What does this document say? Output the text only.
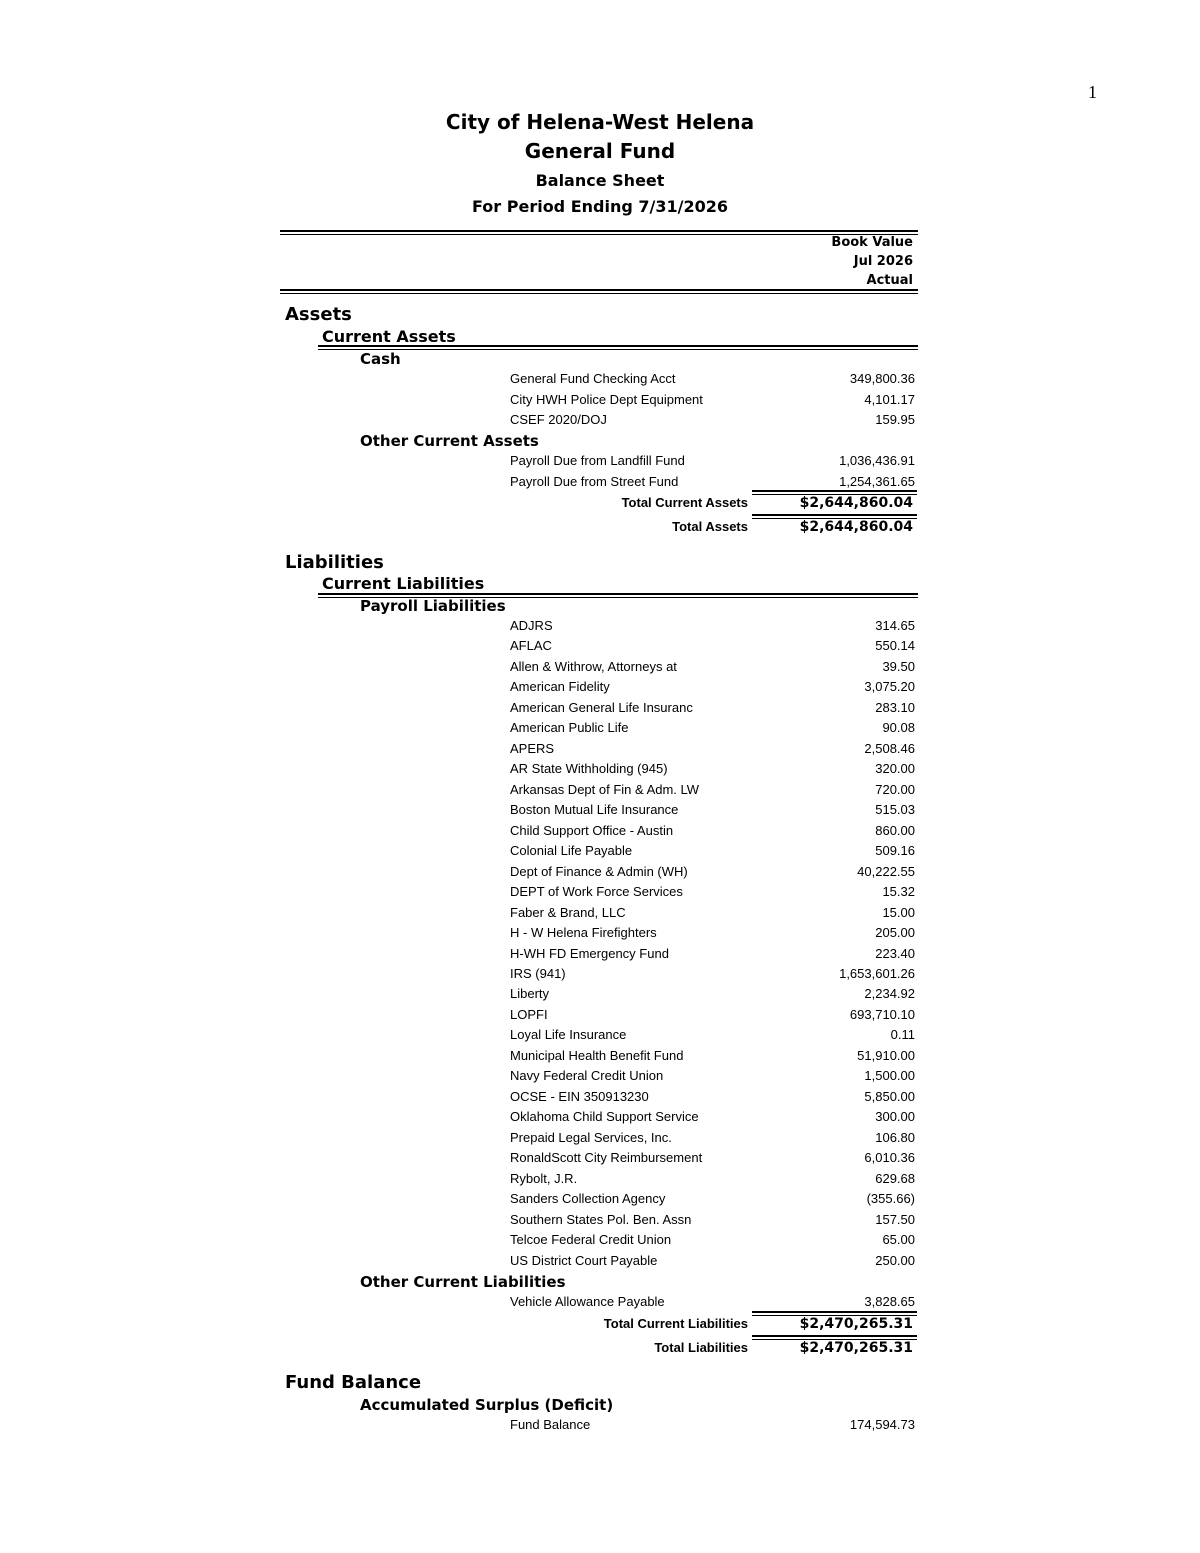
1
City of Helena-West Helena
General Fund
Balance Sheet
For Period Ending 7/31/2026
Book Value
Jul 2026
Actual
Assets
Current Assets
Cash
General Fund Checking Acct	349,800.36
City HWH Police Dept Equipment	4,101.17
CSEF 2020/DOJ	159.95
Other Current Assets
Payroll Due from Landfill Fund	1,036,436.91
Payroll Due from Street Fund	1,254,361.65
Total Current Assets	$2,644,860.04
Total Assets	$2,644,860.04
Liabilities
Current Liabilities
Payroll Liabilities
ADJRS	314.65
AFLAC	550.14
Allen & Withrow, Attorneys at	39.50
American Fidelity	3,075.20
American General Life Insuranc	283.10
American Public Life	90.08
APERS	2,508.46
AR State Withholding (945)	320.00
Arkansas Dept of Fin & Adm. LW	720.00
Boston Mutual Life Insurance	515.03
Child Support Office - Austin	860.00
Colonial Life Payable	509.16
Dept of Finance & Admin (WH)	40,222.55
DEPT of Work Force Services	15.32
Faber & Brand, LLC	15.00
H - W Helena Firefighters	205.00
H-WH FD Emergency Fund	223.40
IRS (941)	1,653,601.26
Liberty	2,234.92
LOPFI	693,710.10
Loyal Life Insurance	0.11
Municipal Health Benefit Fund	51,910.00
Navy Federal Credit Union	1,500.00
OCSE - EIN 350913230	5,850.00
Oklahoma Child Support Service	300.00
Prepaid Legal Services, Inc.	106.80
RonaldScott City Reimbursement	6,010.36
Rybolt, J.R.	629.68
Sanders Collection Agency	(355.66)
Southern States Pol. Ben. Assn	157.50
Telcoe Federal Credit Union	65.00
US District Court Payable	250.00
Other Current Liabilities
Vehicle Allowance Payable	3,828.65
Total Current Liabilities	$2,470,265.31
Total Liabilities	$2,470,265.31
Fund Balance
Accumulated Surplus (Deficit)
Fund Balance	174,594.73
